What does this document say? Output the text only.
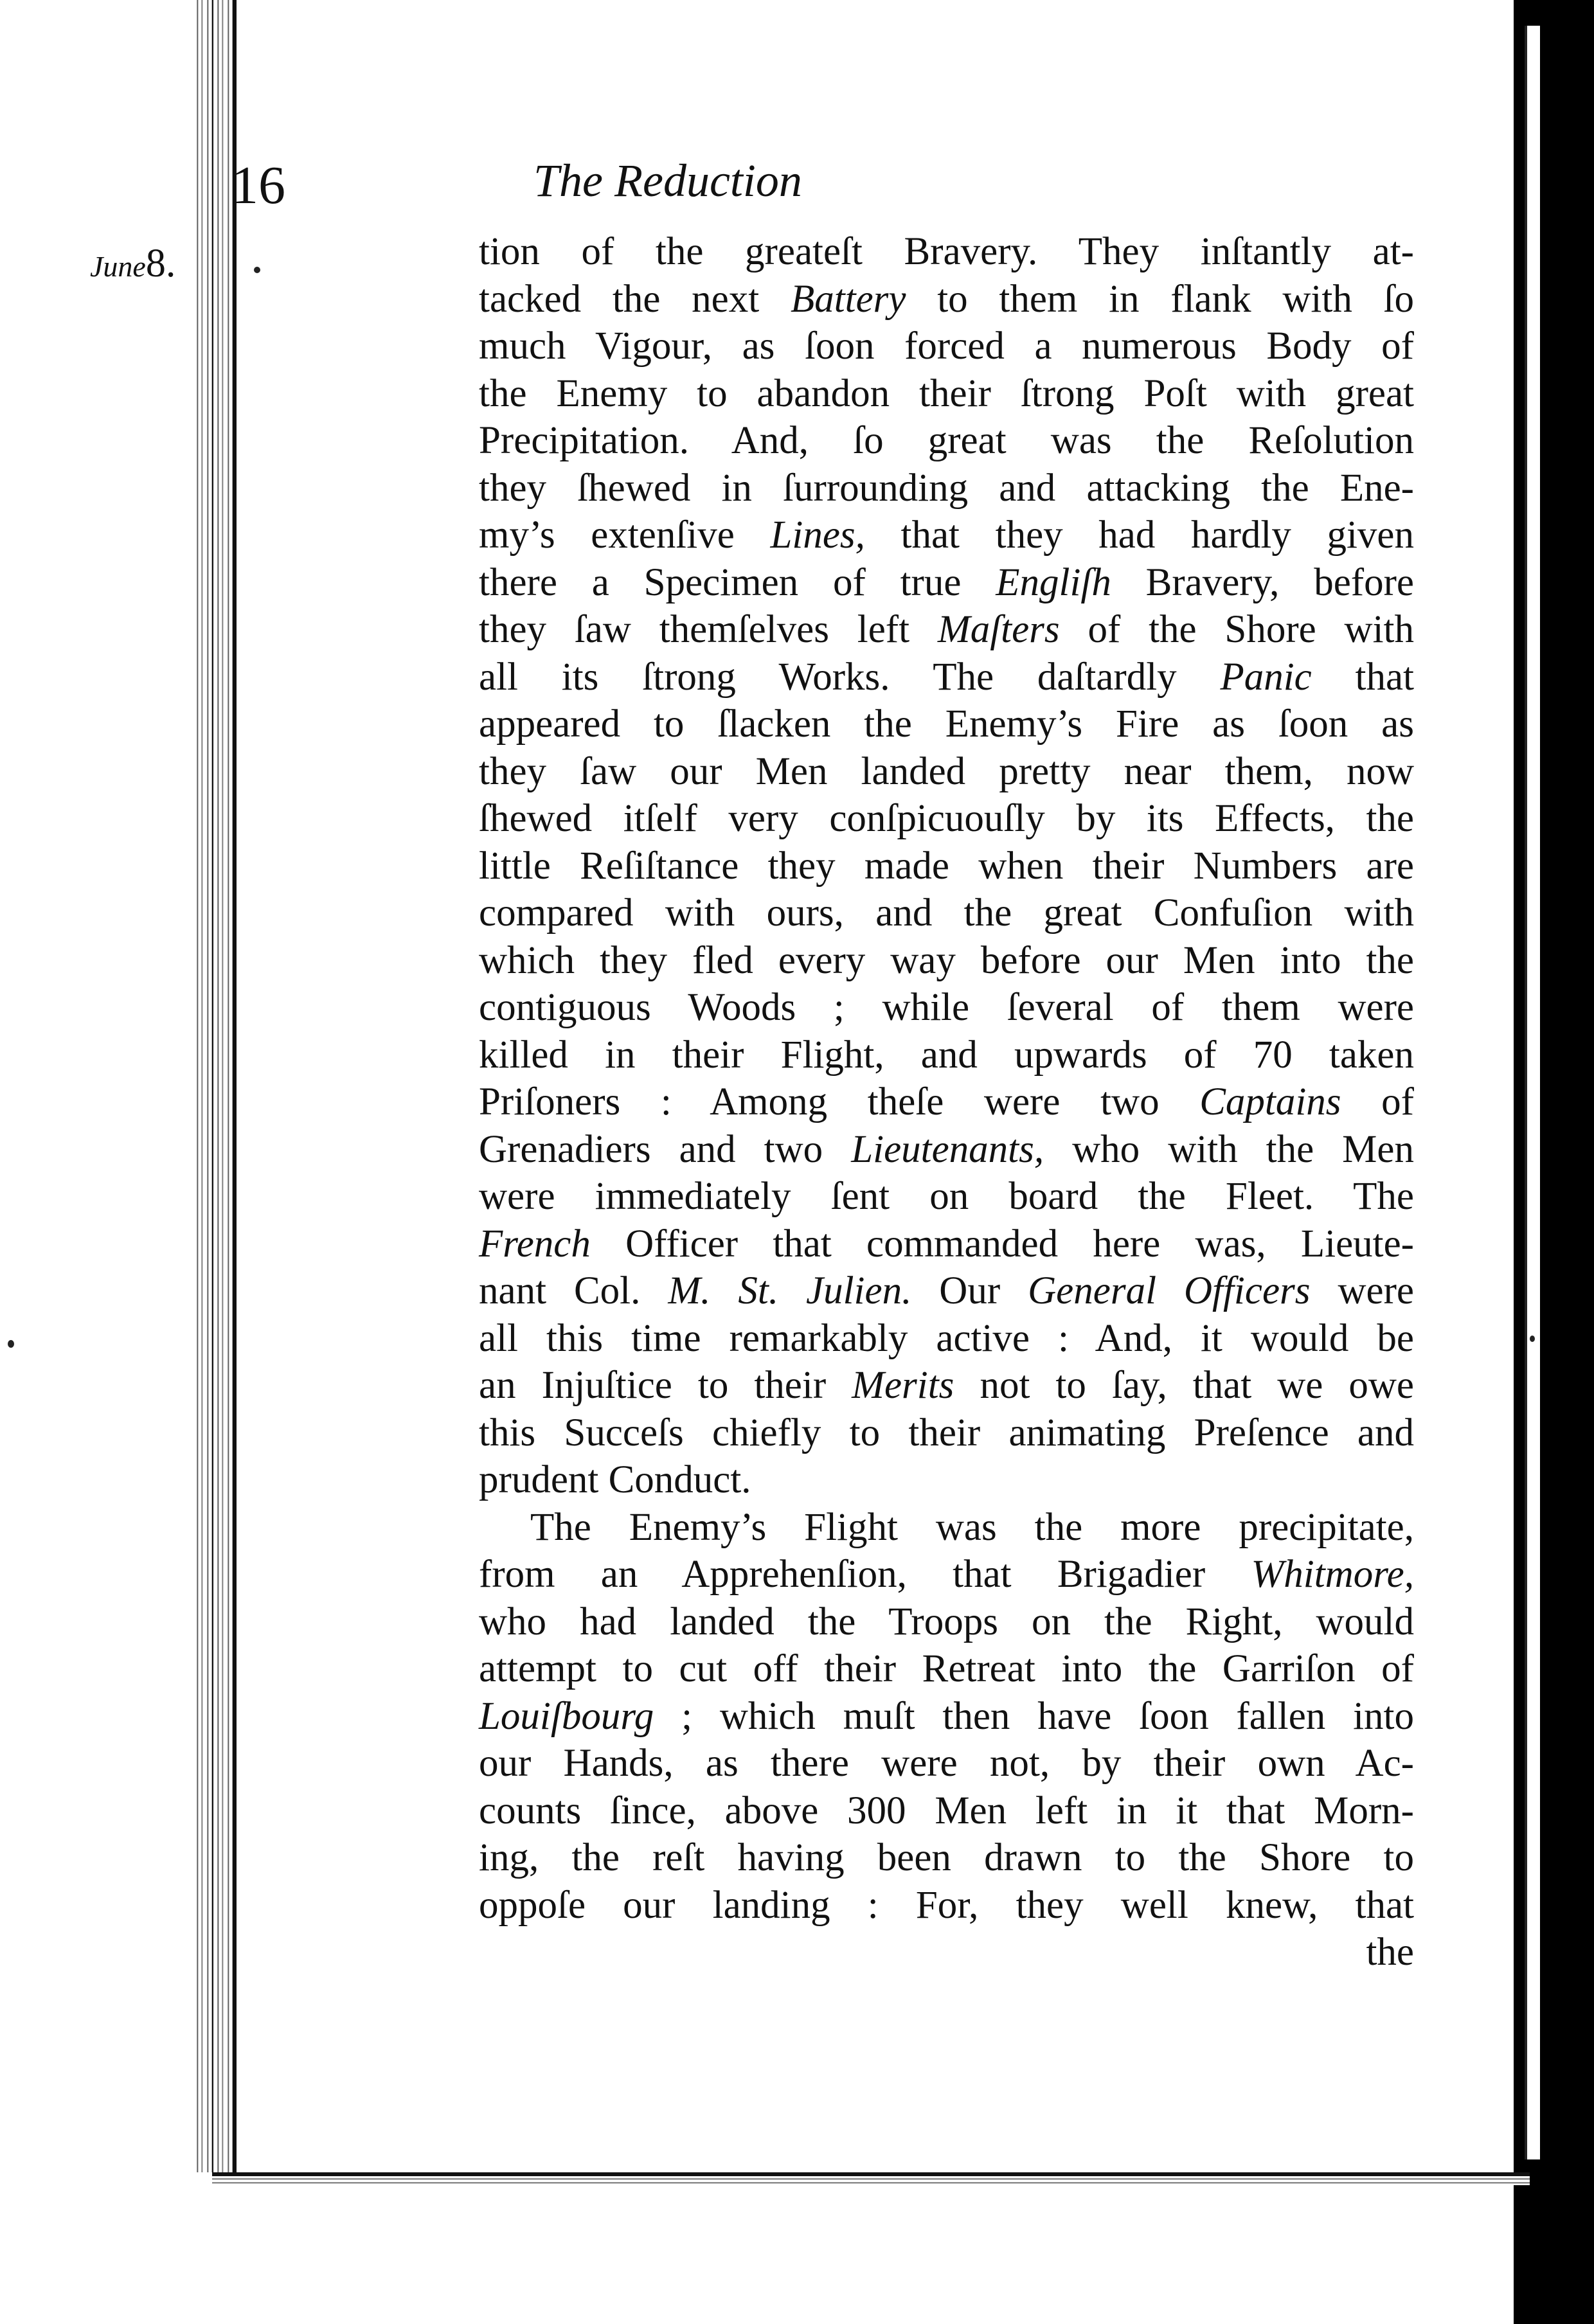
16	The Reduction
June8.	tion of the greateſt Bravery. They inſtantly at-
tacked the next Battery to them in flank with ſo
much Vigour, as ſoon forced a numerous Body of
the Enemy to abandon their ſtrong Poſt with great
Precipitation. And, ſo great was the Reſolution
they ſhewed in ſurrounding and attacking the Ene-
my’s extenſive Lines, that they had hardly given
there a Specimen of true Engliſh Bravery, before
they ſaw themſelves left Maſters of the Shore with
all its ſtrong Works. The daſtardly Panic that
appeared to ſlacken the Enemy’s Fire as ſoon as
they ſaw our Men landed pretty near them, now
ſhewed itſelf very conſpicuouſly by its Effects, the
little Reſiſtance they made when their Numbers are
compared with ours, and the great Confuſion with
which they fled every way before our Men into the
contiguous Woods ; while ſeveral of them were
killed in their Flight, and upwards of 70 taken
Priſoners : Among theſe were two Captains of
Grenadiers and two Lieutenants, who with the Men
were immediately ſent on board the Fleet. The
French Officer that commanded here was, Lieute-
nant Col. M. St. Julien. Our General Officers were
all this time remarkably active : And, it would be
an Injuſtice to their Merits not to ſay, that we owe
this Succeſs chiefly to their animating Preſence and
prudent Conduct.
The Enemy’s Flight was the more precipitate,
from an Apprehenſion, that Brigadier Whitmore,
who had landed the Troops on the Right, would
attempt to cut off their Retreat into the Garriſon of
Louiſbourg ; which muſt then have ſoon fallen into
our Hands, as there were not, by their own Ac-
counts ſince, above 300 Men left in it that Morn-
ing, the reſt having been drawn to the Shore to
oppoſe our landing : For, they well knew, that
the
